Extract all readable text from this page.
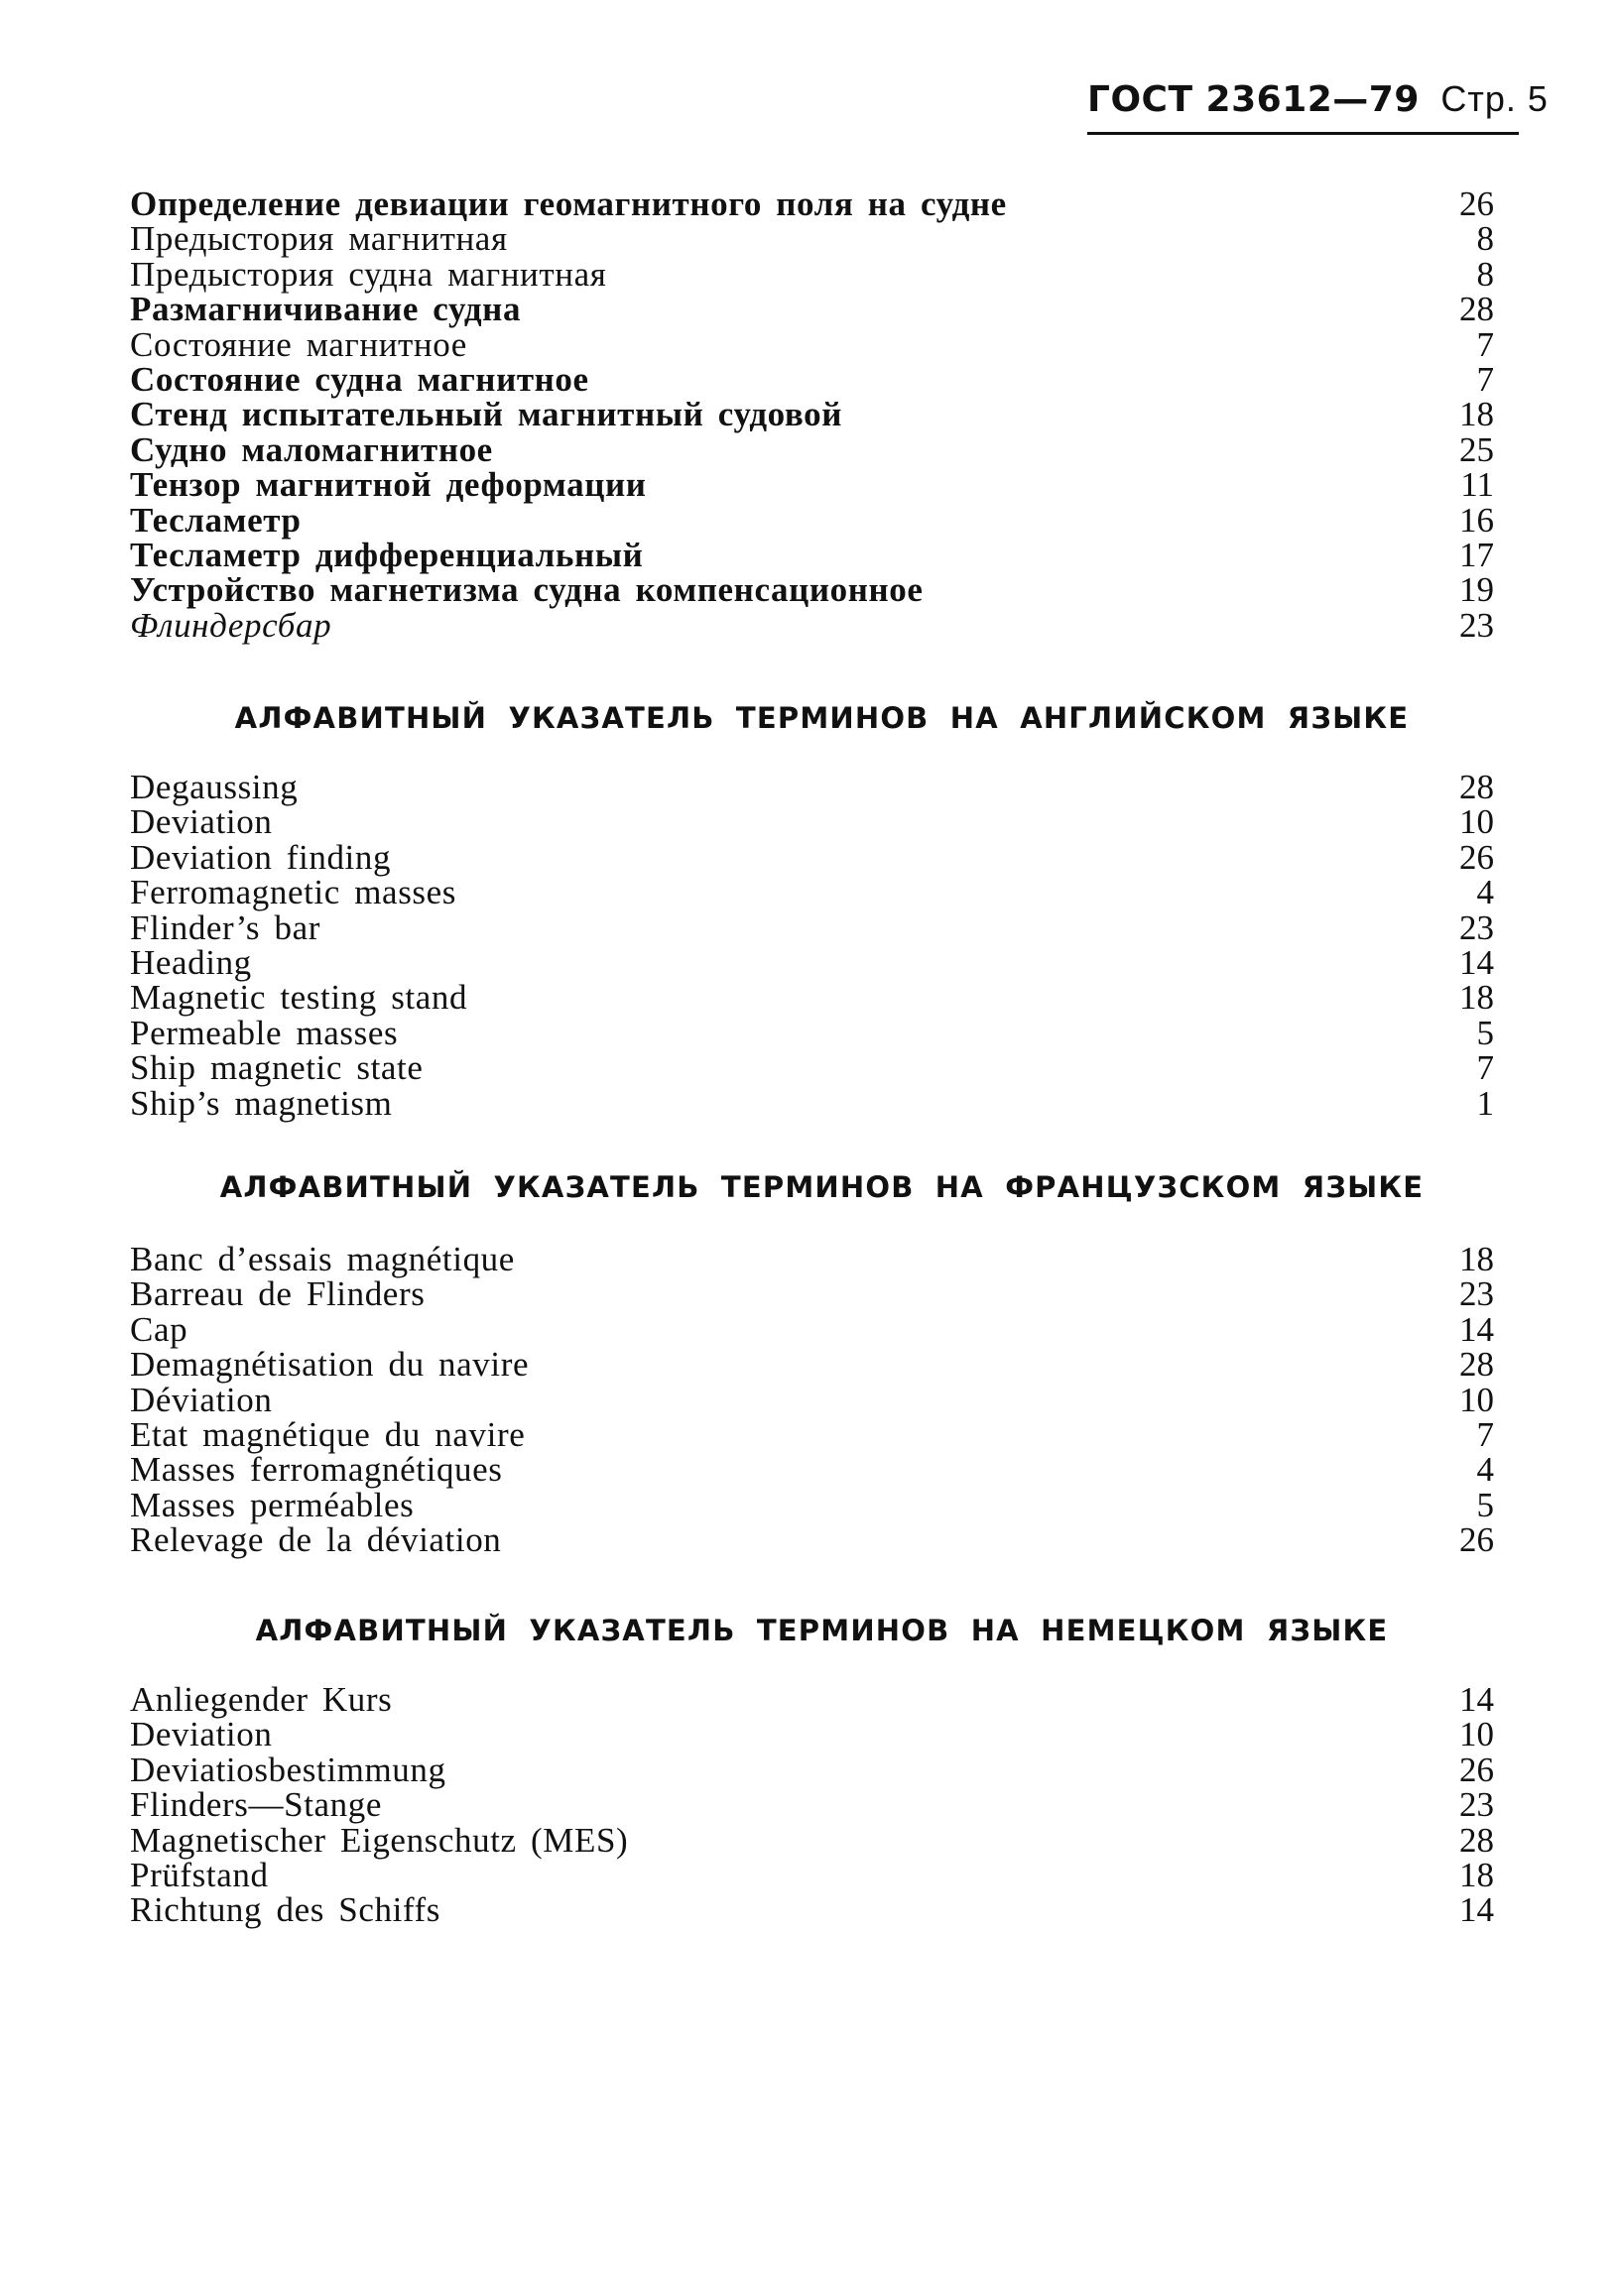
ГОСТ 23612—79 Стр. 5
Определение девиации геомагнитного поля на судне	26
Предыстория магнитная	8
Предыстория судна магнитная	8
Размагничивание судна	28
Состояние магнитное	7
Состояние судна магнитное	7
Стенд испытательный магнитный судовой	18
Судно маломагнитное	25
Тензор магнитной деформации	11
Тесламетр	16
Тесламетр дифференциальный	17
Устройство магнетизма судна компенсационное	19
Флиндерсбар	23
АЛФАВИТНЫЙ УКАЗАТЕЛЬ ТЕРМИНОВ НА АНГЛИЙСКОМ ЯЗЫКЕ
Degaussing	28
Deviation	10
Deviation finding	26
Ferromagnetic masses	4
Flinder’s bar	23
Heading	14
Magnetic testing stand	18
Permeable masses	5
Ship magnetic state	7
Ship’s magnetism	1
АЛФАВИТНЫЙ УКАЗАТЕЛЬ ТЕРМИНОВ НА ФРАНЦУЗСКОМ ЯЗЫКЕ
Banc d’essais magnétique	18
Barreau de Flinders	23
Cap	14
Demagnétisation du navire	28
Déviation	10
Etat magnétique du navire	7
Masses ferromagnétiques	4
Masses perméables	5
Relevage de la déviation	26
АЛФАВИТНЫЙ УКАЗАТЕЛЬ ТЕРМИНОВ НА НЕМЕЦКОМ ЯЗЫКЕ
Anliegender Kurs	14
Deviation	10
Deviatiosbestimmung	26
Flinders—Stange	23
Magnetischer Eigenschutz (MES)	28
Prüfstand	18
Richtung des Schiffs	14
